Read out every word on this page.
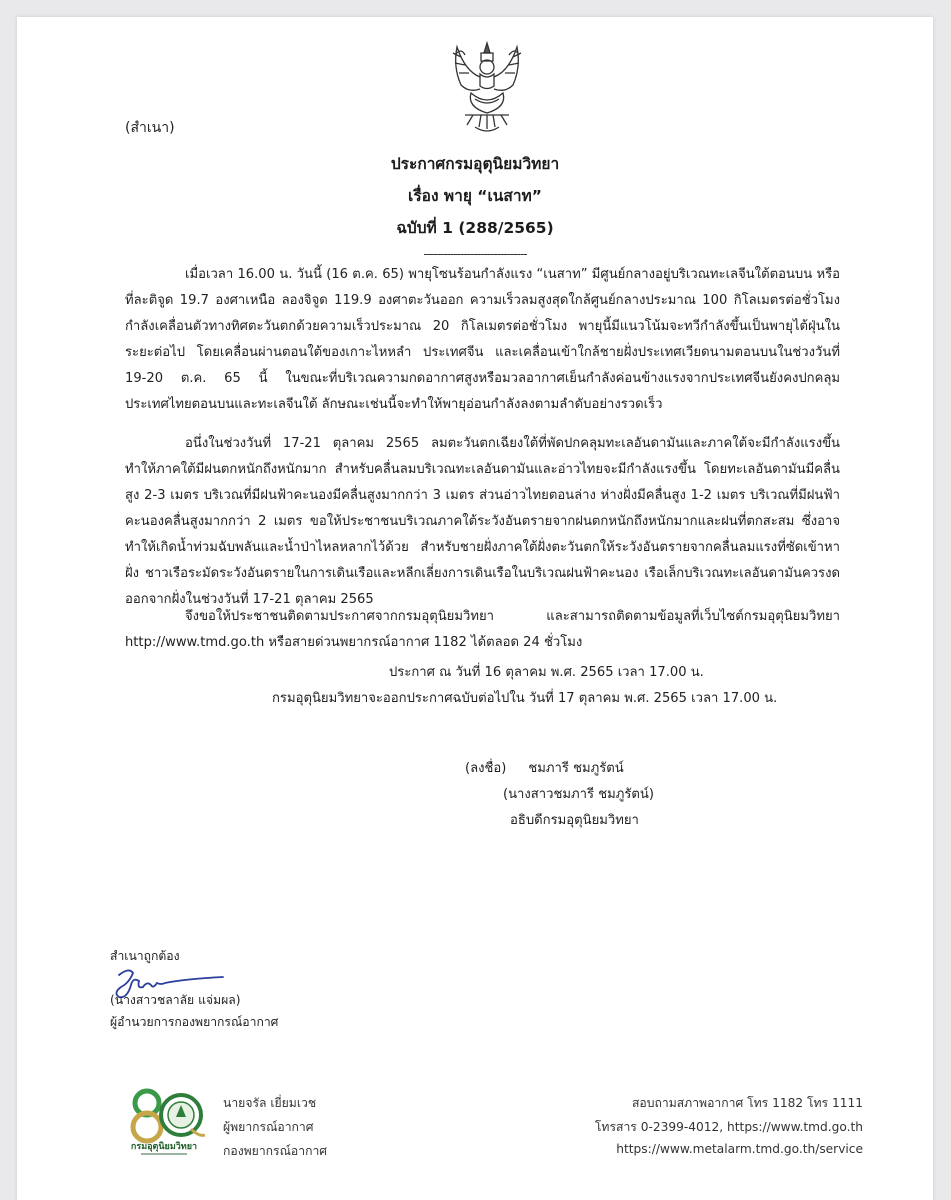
(สำเนา)
ประกาศกรมอุตุนิยมวิทยา
เรื่อง พายุ “เนสาท”
ฉบับที่ 1 (288/2565)
-------------------------------

เมื่อเวลา 16.00 น. วันนี้ (16 ต.ค. 65) พายุโซนร้อนกำลังแรง “เนสาท” มีศูนย์กลางอยู่บริเวณทะเลจีนใต้ตอนบน หรือที่ละติจูด 19.7 องศาเหนือ ลองจิจูด 119.9 องศาตะวันออก ความเร็วลมสูงสุดใกล้ศูนย์กลางประมาณ 100 กิโลเมตรต่อชั่วโมง กำลังเคลื่อนตัวทางทิศตะวันตกด้วยความเร็วประมาณ 20 กิโลเมตรต่อชั่วโมง พายุนี้มีแนวโน้มจะทวีกำลังขึ้นเป็นพายุไต้ฝุ่นในระยะต่อไป โดยเคลื่อนผ่านตอนใต้ของเกาะไหหลำ ประเทศจีน และเคลื่อนเข้าใกล้ชายฝั่งประเทศเวียดนามตอนบนในช่วงวันที่ 19-20 ต.ค. 65 นี้ ในขณะที่บริเวณความกดอากาศสูงหรือมวลอากาศเย็นกำลังค่อนข้างแรงจากประเทศจีนยังคงปกคลุมประเทศไทยตอนบนและทะเลจีนใต้ ลักษณะเช่นนี้จะทำให้พายุอ่อนกำลังลงตามลำดับอย่างรวดเร็ว

อนึ่งในช่วงวันที่ 17-21 ตุลาคม 2565 ลมตะวันตกเฉียงใต้ที่พัดปกคลุมทะเลอันดามันและภาคใต้จะมีกำลังแรงขึ้น ทำให้ภาคใต้มีฝนตกหนักถึงหนักมาก สำหรับคลื่นลมบริเวณทะเลอันดามันและอ่าวไทยจะมีกำลังแรงขึ้น โดยทะเลอันดามันมีคลื่นสูง 2-3 เมตร บริเวณที่มีฝนฟ้าคะนองมีคลื่นสูงมากกว่า 3 เมตร ส่วนอ่าวไทยตอนล่าง ห่างฝั่งมีคลื่นสูง 1-2 เมตร บริเวณที่มีฝนฟ้าคะนองคลื่นสูงมากกว่า 2 เมตร ขอให้ประชาชนบริเวณภาคใต้ระวังอันตรายจากฝนตกหนักถึงหนักมากและฝนที่ตกสะสม ซึ่งอาจทำให้เกิดน้ำท่วมฉับพลันและน้ำป่าไหลหลากไว้ด้วย สำหรับชายฝั่งภาคใต้ฝั่งตะวันตกให้ระวังอันตรายจากคลื่นลมแรงที่ซัดเข้าหาฝั่ง ชาวเรือระมัดระวังอันตรายในการเดินเรือและหลีกเลี่ยงการเดินเรือในบริเวณฝนฟ้าคะนอง เรือเล็กบริเวณทะเลอันดามันควรงดออกจากฝั่งในช่วงวันที่ 17-21 ตุลาคม 2565

จึงขอให้ประชาชนติดตามประกาศจากกรมอุตุนิยมวิทยา และสามารถติดตามข้อมูลที่เว็บไซต์กรมอุตุนิยมวิทยา http://www.tmd.go.th หรือสายด่วนพยากรณ์อากาศ 1182 ได้ตลอด 24 ชั่วโมง

ประกาศ ณ วันที่ 16 ตุลาคม พ.ศ. 2565 เวลา 17.00 น.
กรมอุตุนิยมวิทยาจะออกประกาศฉบับต่อไปใน วันที่ 17 ตุลาคม พ.ศ. 2565 เวลา 17.00 น.
(ลงชื่อ) ชมภารี ชมภูรัตน์
(นางสาวชมภารี ชมภูรัตน์)
อธิบดีกรมอุตุนิยมวิทยา
สำเนาถูกต้อง
(นางสาวชลาลัย แจ่มผล)
ผู้อำนวยการกองพยากรณ์อากาศ
กรมอุตุนิยมวิทยา
นายจรัล เยี่ยมเวช
ผู้พยากรณ์อากาศ
กองพยากรณ์อากาศ
สอบถามสภาพอากาศ โทร 1182 โทร 1111
โทรสาร 0-2399-4012, https://www.tmd.go.th
https://www.metalarm.tmd.go.th/service
